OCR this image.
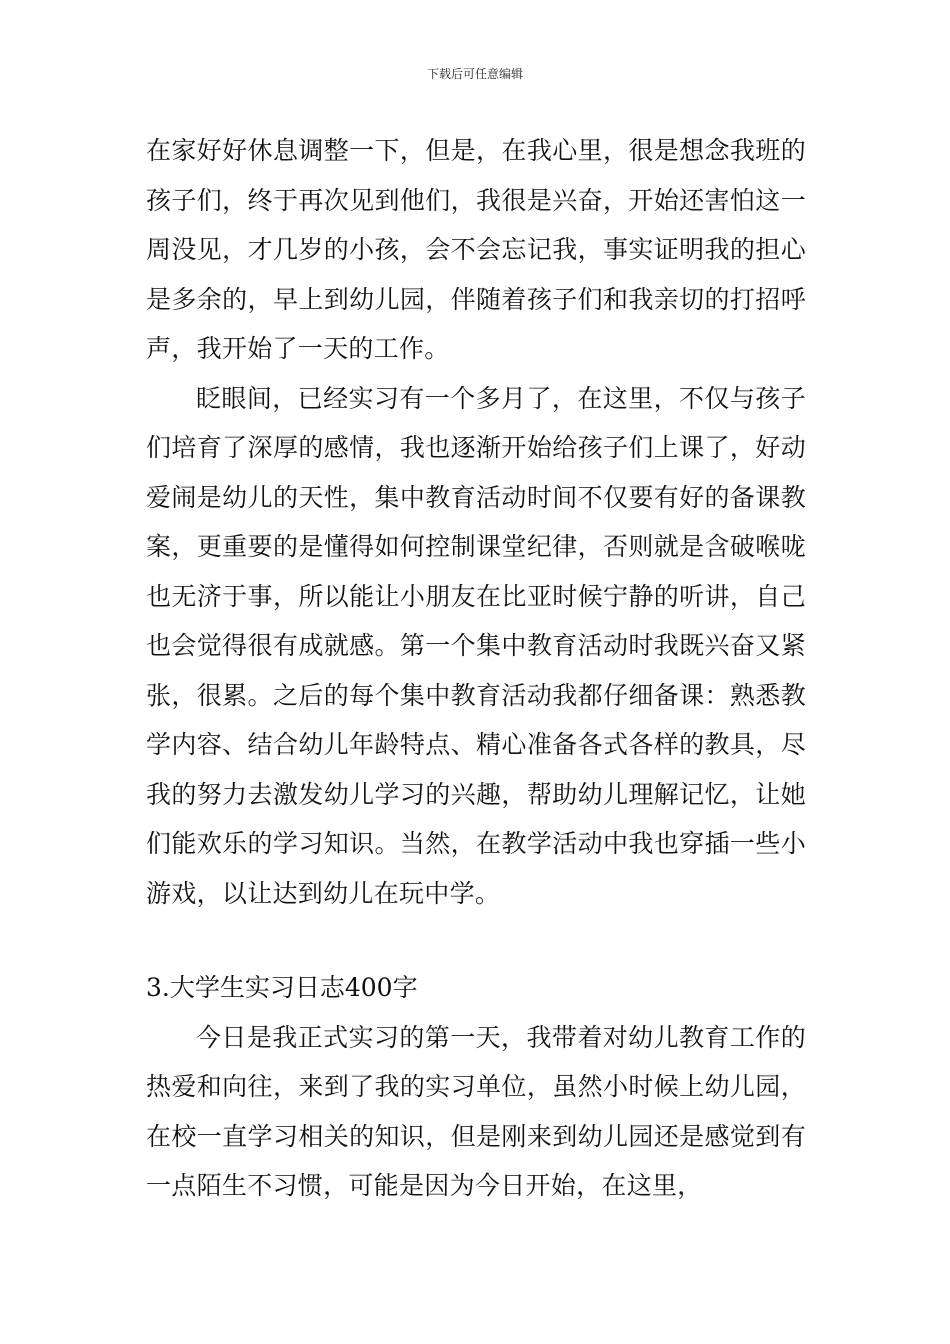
下载后可任意编辑

在家好好休息调整一下，但是，在我心里，很是想念我班的孩子们，终于再次见到他们，我很是兴奋，开始还害怕这一周没见，才几岁的小孩，会不会忘记我，事实证明我的担心是多余的，早上到幼儿园，伴随着孩子们和我亲切的打招呼声，我开始了一天的工作。

眨眼间，已经实习有一个多月了，在这里，不仅与孩子们培育了深厚的感情，我也逐渐开始给孩子们上课了，好动爱闹是幼儿的天性，集中教育活动时间不仅要有好的备课教案，更重要的是懂得如何控制课堂纪律，否则就是含破喉咙也无济于事，所以能让小朋友在比亚时候宁静的听讲，自己也会觉得很有成就感。第一个集中教育活动时我既兴奋又紧张，很累。之后的每个集中教育活动我都仔细备课：熟悉教学内容、结合幼儿年龄特点、精心准备各式各样的教具，尽我的努力去激发幼儿学习的兴趣，帮助幼儿理解记忆，让她们能欢乐的学习知识。当然，在教学活动中我也穿插一些小游戏，以让达到幼儿在玩中学。

3.大学生实习日志400字

今日是我正式实习的第一天，我带着对幼儿教育工作的热爱和向往，来到了我的实习单位，虽然小时候上幼儿园，在校一直学习相关的知识，但是刚来到幼儿园还是感觉到有一点陌生不习惯，可能是因为今日开始，在这里，
